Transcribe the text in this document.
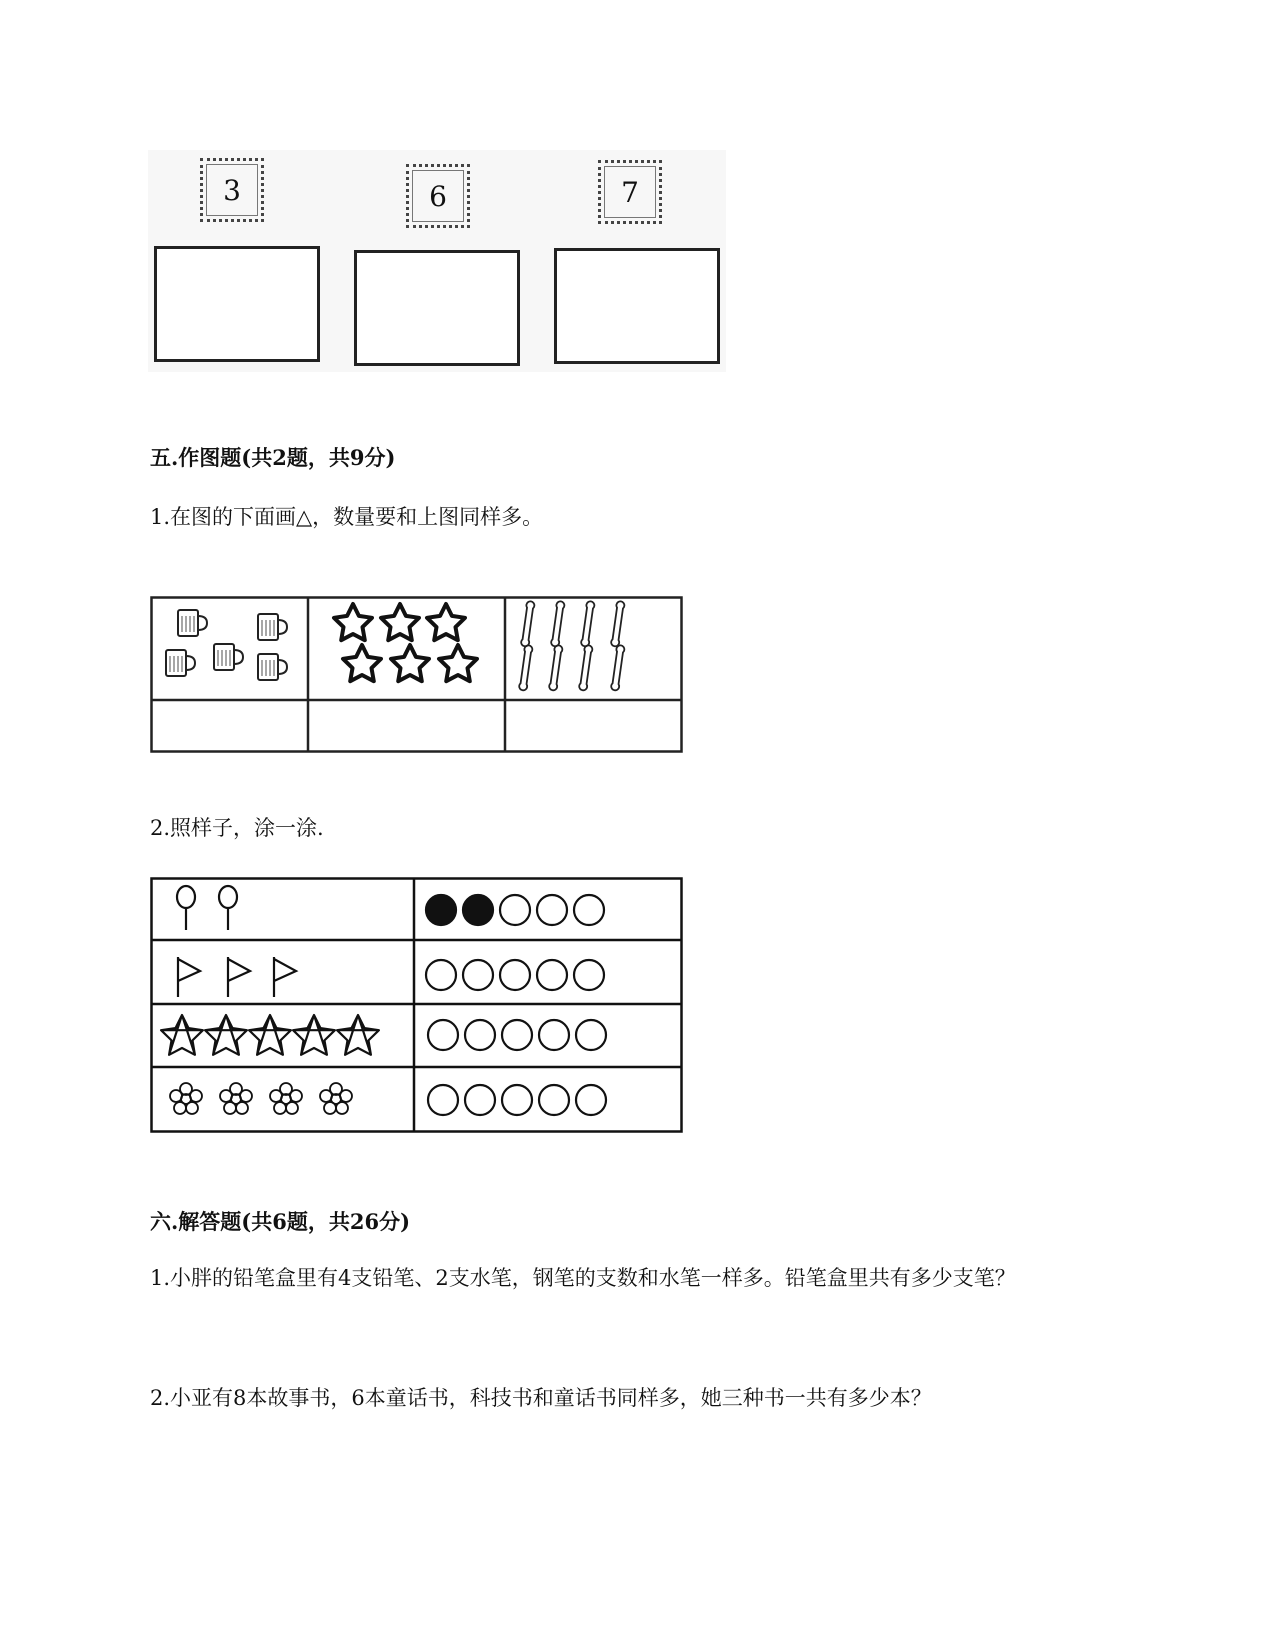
3	6	7
五.作图题(共2题，共9分)
1.在图的下面画△，数量要和上图同样多。
2.照样子，涂一涂.
六.解答题(共6题，共26分)
1.小胖的铅笔盒里有4支铅笔、2支水笔，钢笔的支数和水笔一样多。铅笔盒里共有多少支笔？
2.小亚有8本故事书，6本童话书，科技书和童话书同样多，她三种书一共有多少本？
